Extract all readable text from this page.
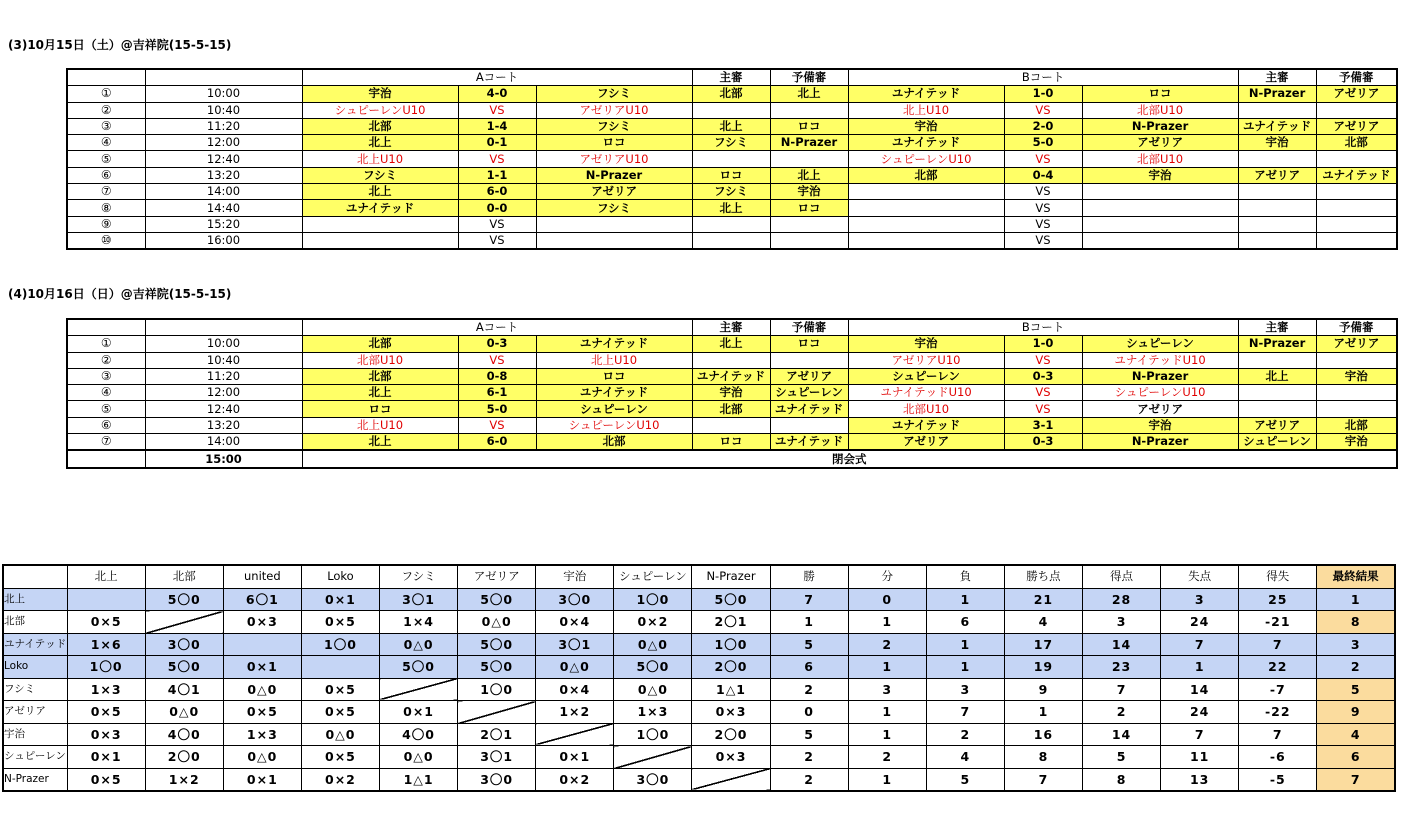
(3)10月15日（土）@吉祥院(15-5-15)
		Aコート			主審	予備審	Bコート			主審	予備審
①	10:00	宇治	4-0	フシミ	北部	北上	ユナイテッド	1-0	ロコ	N-Prazer	アゼリア
②	10:40	シュピーレンU10	VS	アゼリアU10			北上U10	VS	北部U10		
③	11:20	北部	1-4	フシミ	北上	ロコ	宇治	2-0	N-Prazer	ユナイテッド	アゼリア
④	12:00	北上	0-1	ロコ	フシミ	N-Prazer	ユナイテッド	5-0	アゼリア	宇治	北部
⑤	12:40	北上U10	VS	アゼリアU10			シュピーレンU10	VS	北部U10		
⑥	13:20	フシミ	1-1	N-Prazer	ロコ	北上	北部	0-4	宇治	アゼリア	ユナイテッド
⑦	14:00	北上	6-0	アゼリア	フシミ	宇治		VS			
⑧	14:40	ユナイテッド	0-0	フシミ	北上	ロコ		VS			
⑨	15:20		VS					VS			
⑩	16:00		VS					VS			
(4)10月16日（日）@吉祥院(15-5-15)
		Aコート			主審	予備審	Bコート			主審	予備審
①	10:00	北部	0-3	ユナイテッド	北上	ロコ	宇治	1-0	シュピーレン	N-Prazer	アゼリア
②	10:40	北部U10	VS	北上U10			アゼリアU10	VS	ユナイテッドU10		
③	11:20	北部	0-8	ロコ	ユナイテッド	アゼリア	シュピーレン	0-3	N-Prazer	北上	宇治
④	12:00	北上	6-1	ユナイテッド	宇治	シュピーレン	ユナイテッドU10	VS	シュピーレンU10		
⑤	12:40	ロコ	5-0	シュピーレン	北部	ユナイテッド	北部U10	VS	アゼリア		
⑥	13:20	北上U10	VS	シュピーレンU10			ユナイテッド	3-1	宇治	アゼリア	北部
⑦	14:00	北上	6-0	北部	ロコ	ユナイテッド	アゼリア	0-3	N-Prazer	シュピーレン	宇治
	15:00	閉会式									
	北上	北部	united	Loko	フシミ	アゼリア	宇治	シュピーレン	N-Prazer	勝	分	負	勝ち点	得点	失点	得失	最終結果
北上		5〇0	6〇1	0×1	3〇1	5〇0	3〇0	1〇0	5〇0	7	0	1	21	28	3	25	1
北部	0×5		0×3	0×5	1×4	0△0	0×4	0×2	2〇1	1	1	6	4	3	24	-21	8
ユナイテッド	1×6	3〇0		1〇0	0△0	5〇0	3〇1	0△0	1〇0	5	2	1	17	14	7	7	3
Loko	1〇0	5〇0	0×1		5〇0	5〇0	0△0	5〇0	2〇0	6	1	1	19	23	1	22	2
フシミ	1×3	4〇1	0△0	0×5		1〇0	0×4	0△0	1△1	2	3	3	9	7	14	-7	5
アゼリア	0×5	0△0	0×5	0×5	0×1		1×2	1×3	0×3	0	1	7	1	2	24	-22	9
宇治	0×3	4〇0	1×3	0△0	4〇0	2〇1		1〇0	2〇0	5	1	2	16	14	7	7	4
シュピーレン	0×1	2〇0	0△0	0×5	0△0	3〇1	0×1		0×3	2	2	4	8	5	11	-6	6
N-Prazer	0×5	1×2	0×1	0×2	1△1	3〇0	0×2	3〇0		2	1	5	7	8	13	-5	7
